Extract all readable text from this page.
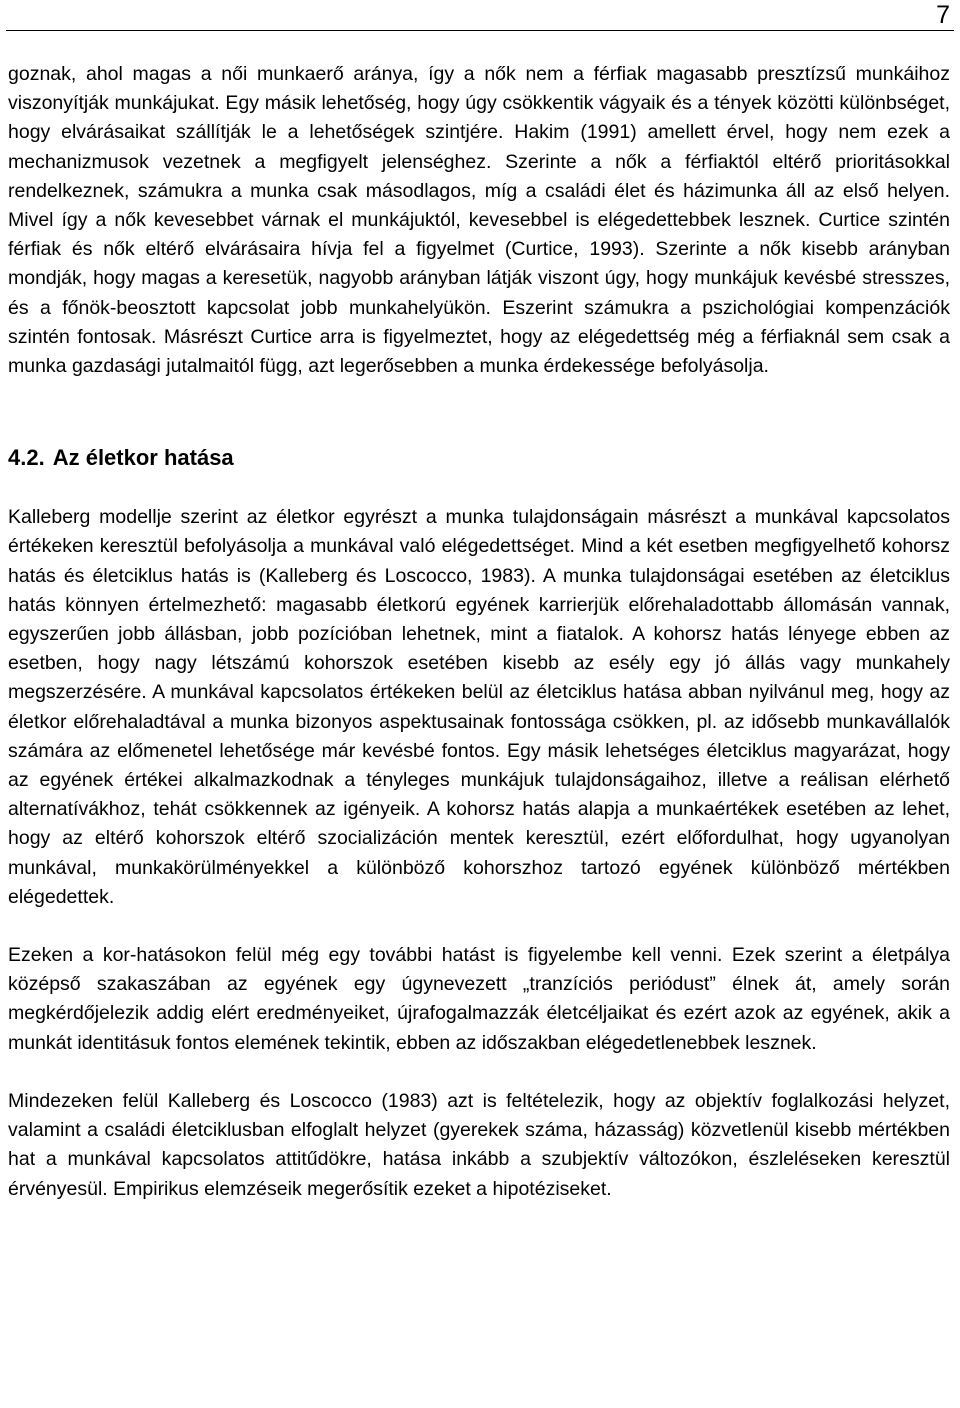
7

goznak, ahol magas a női munkaerő aránya, így a nők nem a férfiak magasabb presztízsű munkáihoz viszonyítják munkájukat. Egy másik lehetőség, hogy úgy csökkentik vágyaik és a tények közötti különbséget, hogy elvárásaikat szállítják le a lehetőségek szintjére. Hakim (1991) amellett érvel, hogy nem ezek a mechanizmusok vezetnek a megfigyelt jelenséghez. Szerinte a nők a férfiaktól eltérő prioritásokkal rendelkeznek, számukra a munka csak másodlagos, míg a családi élet és házimunka áll az első helyen. Mivel így a nők kevesebbet várnak el munkájuktól, kevesebbel is elégedettebbek lesznek. Curtice szintén férfiak és nők eltérő elvárásaira hívja fel a figyelmet (Curtice, 1993). Szerinte a nők kisebb arányban mondják, hogy magas a keresetük, nagyobb arányban látják viszont úgy, hogy munkájuk kevésbé stresszes, és a főnök-beosztott kapcsolat jobb munkahelyükön. Eszerint számukra a pszichológiai kompenzációk szintén fontosak. Másrészt Curtice arra is figyelmeztet, hogy az elégedettség még a férfiaknál sem csak a munka gazdasági jutalmaitól függ, azt legerősebben a munka érdekessége befolyásolja.

4.2. Az életkor hatása

Kalleberg modellje szerint az életkor egyrészt a munka tulajdonságain másrészt a munkával kapcsolatos értékeken keresztül befolyásolja a munkával való elégedettséget. Mind a két esetben megfigyelhető kohorsz hatás és életciklus hatás is (Kalleberg és Loscocco, 1983). A munka tulajdonságai esetében az életciklus hatás könnyen értelmezhető: magasabb életkorú egyének karrierjük előrehaladottabb állomásán vannak, egyszerűen jobb állásban, jobb pozícióban lehetnek, mint a fiatalok. A kohorsz hatás lényege ebben az esetben, hogy nagy létszámú kohorszok esetében kisebb az esély egy jó állás vagy munkahely megszerzésére. A munkával kapcsolatos értékeken belül az életciklus hatása abban nyilvánul meg, hogy az életkor előrehaladtával a munka bizonyos aspektusainak fontossága csökken, pl. az idősebb munkavállalók számára az előmenetel lehetősége már kevésbé fontos. Egy másik lehetséges életciklus magyarázat, hogy az egyének értékei alkalmazkodnak a tényleges munkájuk tulajdonságaihoz, illetve a reálisan elérhető alternatívákhoz, tehát csökkennek az igényeik. A kohorsz hatás alapja a munkaértékek esetében az lehet, hogy az eltérő kohorszok eltérő szocializáción mentek keresztül, ezért előfordulhat, hogy ugyanolyan munkával, munkakörülményekkel a különböző kohorszhoz tartozó egyének különböző mértékben elégedettek.

Ezeken a kor-hatásokon felül még egy további hatást is figyelembe kell venni. Ezek szerint a életpálya középső szakaszában az egyének egy úgynevezett „tranzíciós periódust” élnek át, amely során megkérdőjelezik addig elért eredményeiket, újrafogalmazzák életcéljaikat és ezért azok az egyének, akik a munkát identitásuk fontos elemének tekintik, ebben az időszakban elégedetlenebbek lesznek.

Mindezeken felül Kalleberg és Loscocco (1983) azt is feltételezik, hogy az objektív foglalkozási helyzet, valamint a családi életciklusban elfoglalt helyzet (gyerekek száma, házasság) közvetlenül kisebb mértékben hat a munkával kapcsolatos attitűdökre, hatása inkább a szubjektív változókon, észleléseken keresztül érvényesül. Empirikus elemzéseik megerősítik ezeket a hipotéziseket.
